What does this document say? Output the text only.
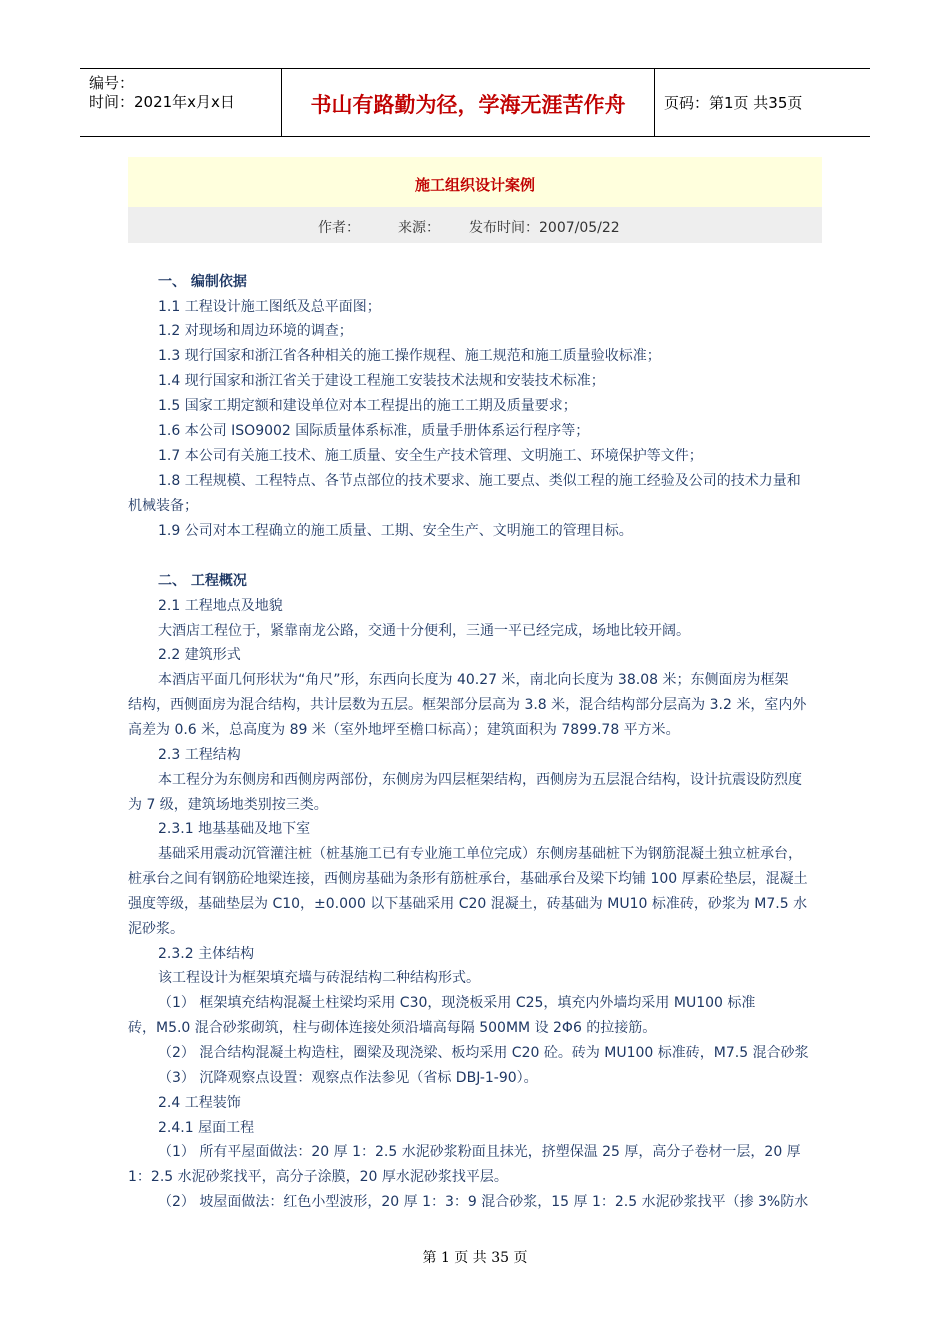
编号：
时间：2021年x月x日	书山有路勤为径，学海无涯苦作舟	页码：第1页 共35页
施工组织设计案例
作者：	来源： 发布时间：2007/05/22
一、 编制依据
1.1 工程设计施工图纸及总平面图；
1.2 对现场和周边环境的调查；
1.3 现行国家和浙江省各种相关的施工操作规程、施工规范和施工质量验收标准；
1.4 现行国家和浙江省关于建设工程施工安装技术法规和安装技术标准；
1.5 国家工期定额和建设单位对本工程提出的施工工期及质量要求；
1.6 本公司 ISO9002 国际质量体系标准，质量手册体系运行程序等；
1.7 本公司有关施工技术、施工质量、安全生产技术管理、文明施工、环境保护等文件；
1.8 工程规模、工程特点、各节点部位的技术要求、施工要点、类似工程的施工经验及公司的技术力量和
机械装备；
1.9 公司对本工程确立的施工质量、工期、安全生产、文明施工的管理目标。
二、 工程概况
2.1 工程地点及地貌
大酒店工程位于，紧靠南龙公路，交通十分便利，三通一平已经完成，场地比较开阔。
2.2 建筑形式
本酒店平面几何形状为“角尺”形，东西向长度为 40.27 米，南北向长度为 38.08 米；东侧面房为框架
结构，西侧面房为混合结构，共计层数为五层。框架部分层高为 3.8 米，混合结构部分层高为 3.2 米，室内外
高差为 0.6 米，总高度为 89 米（室外地坪至檐口标高）；建筑面积为 7899.78 平方米。
2.3 工程结构
本工程分为东侧房和西侧房两部份，东侧房为四层框架结构，西侧房为五层混合结构，设计抗震设防烈度
为 7 级，建筑场地类别按三类。
2.3.1 地基基础及地下室
基础采用震动沉管灌注桩（桩基施工已有专业施工单位完成）东侧房基础桩下为钢筋混凝土独立桩承台，
桩承台之间有钢筋砼地梁连接，西侧房基础为条形有筋桩承台，基础承台及梁下均铺 100 厚素砼垫层，混凝土
强度等级，基础垫层为 C10，±0.000 以下基础采用 C20 混凝土，砖基础为 MU10 标准砖，砂浆为 M7.5 水
泥砂浆。
2.3.2 主体结构
该工程设计为框架填充墙与砖混结构二种结构形式。
（1） 框架填充结构混凝土柱梁均采用 C30，现浇板采用 C25，填充内外墙均采用 MU100 标准
砖，M5.0 混合砂浆砌筑，柱与砌体连接处须沿墙高每隔 500MM 设 2Φ6 的拉接筋。
（2） 混合结构混凝土构造柱，圈梁及现浇梁、板均采用 C20 砼。砖为 MU100 标准砖，M7.5 混合砂浆
（3） 沉降观察点设置：观察点作法参见（省标 DBJ-1-90）。
2.4 工程装饰
2.4.1 屋面工程
（1） 所有平屋面做法：20 厚 1：2.5 水泥砂浆粉面且抹光，挤塑保温 25 厚，高分子卷材一层，20 厚
1：2.5 水泥砂浆找平，高分子涂膜，20 厚水泥砂浆找平层。
（2） 坡屋面做法：红色小型波形，20 厚 1：3：9 混合砂浆，15 厚 1：2.5 水泥砂浆找平（掺 3%防水
第 1 页 共 35 页
